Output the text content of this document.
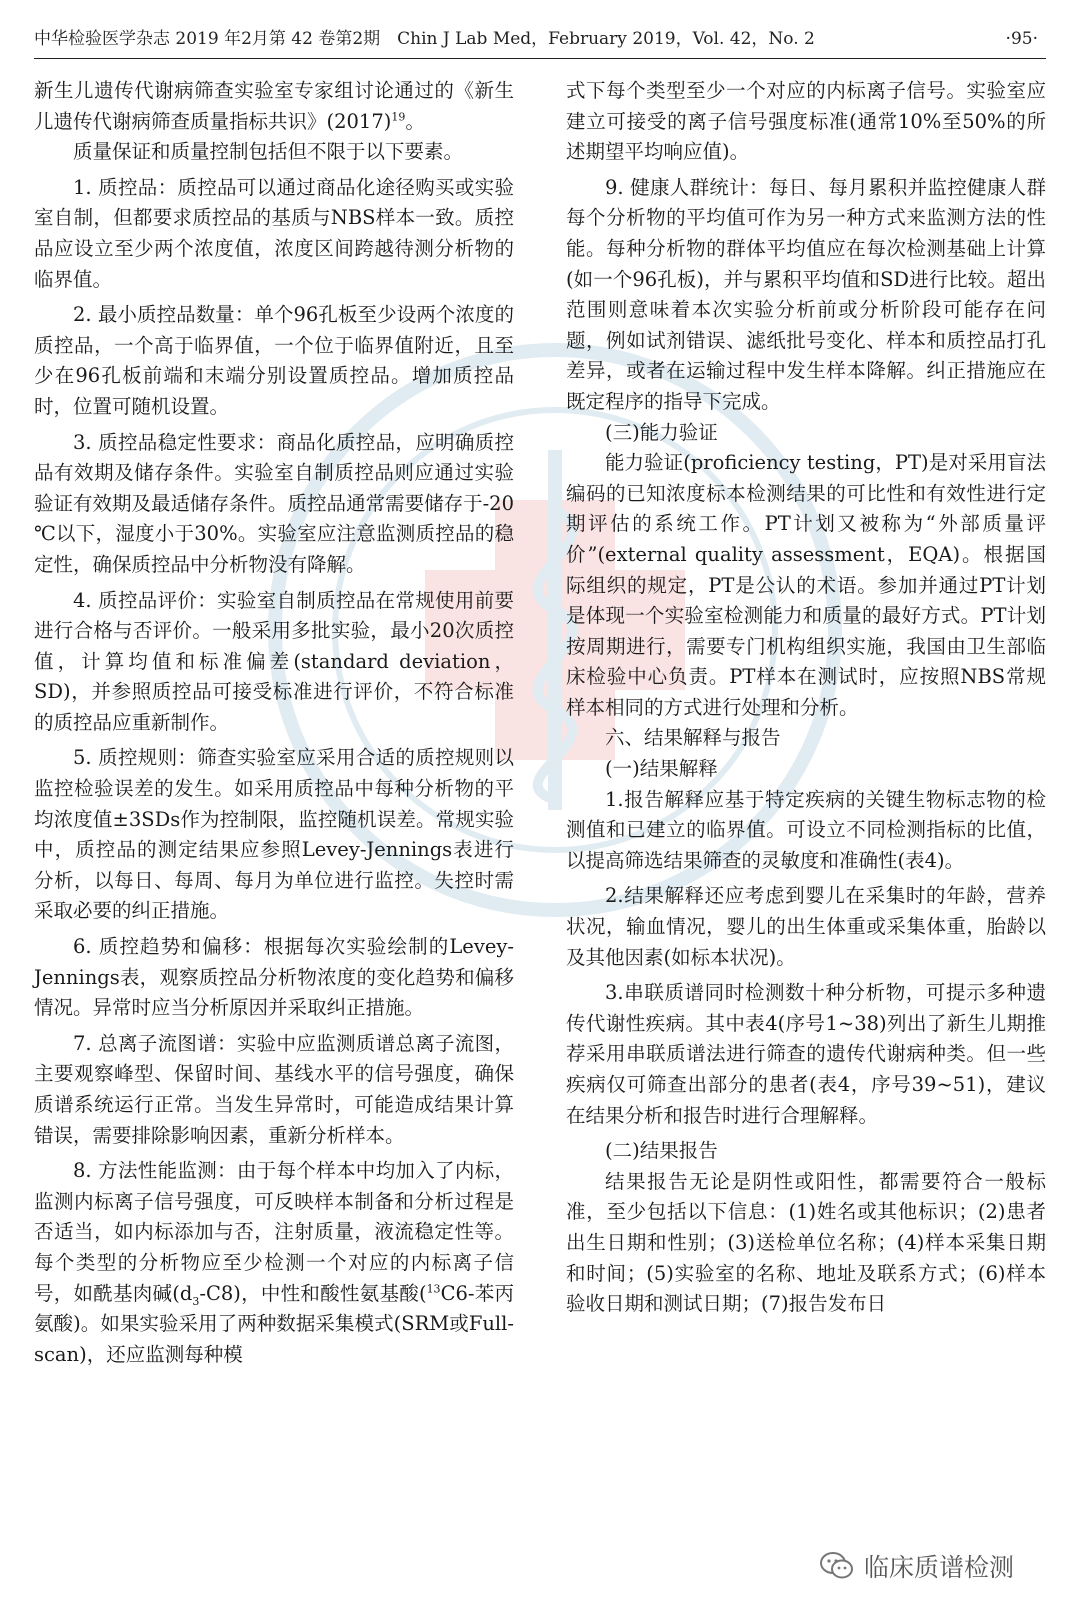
中华检验医学杂志 2019 年2月第 42 卷第2期　Chin J Lab Med，February 2019，Vol. 42，No. 2	·95·

新生儿遗传代谢病筛查实验室专家组讨论通过的《新生儿遗传代谢病筛查质量指标共识》$(2017)^{19}$。

质量保证和质量控制包括但不限于以下要素。

1. 质控品：质控品可以通过商品化途径购买或实验室自制，但都要求质控品的基质与NBS样本一致。质控品应设立至少两个浓度值，浓度区间跨越待测分析物的临界值。

2. 最小质控品数量：单个96孔板至少设两个浓度的质控品，一个高于临界值，一个位于临界值附近，且至少在96孔板前端和末端分别设置质控品。增加质控品时，位置可随机设置。

3. 质控品稳定性要求：商品化质控品，应明确质控品有效期及储存条件。实验室自制质控品则应通过实验验证有效期及最适储存条件。质控品通常需要储存于-20 ℃以下，湿度小于30%。实验室应注意监测质控品的稳定性，确保质控品中分析物没有降解。

4. 质控品评价：实验室自制质控品在常规使用前要进行合格与否评价。一般采用多批实验，最小20次质控值，计算均值和标准偏差(standard deviation，SD)，并参照质控品可接受标准进行评价，不符合标准的质控品应重新制作。

5. 质控规则：筛查实验室应采用合适的质控规则以监控检验误差的发生。如采用质控品中每种分析物的平均浓度值±3SDs作为控制限，监控随机误差。常规实验中，质控品的测定结果应参照Levey-Jennings表进行分析，以每日、每周、每月为单位进行监控。失控时需采取必要的纠正措施。

6. 质控趋势和偏移：根据每次实验绘制的Levey-Jennings表，观察质控品分析物浓度的变化趋势和偏移情况。异常时应当分析原因并采取纠正措施。

7. 总离子流图谱：实验中应监测质谱总离子流图，主要观察峰型、保留时间、基线水平的信号强度，确保质谱系统运行正常。当发生异常时，可能造成结果计算错误，需要排除影响因素，重新分析样本。

8. 方法性能监测：由于每个样本中均加入了内标，监测内标离子信号强度，可反映样本制备和分析过程是否适当，如内标添加与否，注射质量，液流稳定性等。每个类型的分析物应至少检测一个对应的内标离子信号，如酰基肉碱$(d_3-C8)$，中性和酸性氨基酸($^{13}$C6-苯丙氨酸)。如果实验采用了两种数据采集模式(SRM或Full-scan)，还应监测每种模

式下每个类型至少一个对应的内标离子信号。实验室应建立可接受的离子信号强度标准(通常10%至50%的所述期望平均响应值)。

9. 健康人群统计：每日、每月累积并监控健康人群每个分析物的平均值可作为另一种方式来监测方法的性能。每种分析物的群体平均值应在每次检测基础上计算(如一个96孔板)，并与累积平均值和SD进行比较。超出范围则意味着本次实验分析前或分析阶段可能存在问题，例如试剂错误、滤纸批号变化、样本和质控品打孔差异，或者在运输过程中发生样本降解。纠正措施应在既定程序的指导下完成。

(三)能力验证

能力验证(proficiency testing，PT)是对采用盲法编码的已知浓度标本检测结果的可比性和有效性进行定期评估的系统工作。PT计划又被称为“外部质量评价”(external quality assessment，EQA)。根据国际组织的规定，PT是公认的术语。参加并通过PT计划是体现一个实验室检测能力和质量的最好方式。PT计划按周期进行，需要专门机构组织实施，我国由卫生部临床检验中心负责。PT样本在测试时，应按照NBS常规样本相同的方式进行处理和分析。

六、结果解释与报告

(一)结果解释

1.报告解释应基于特定疾病的关键生物标志物的检测值和已建立的临界值。可设立不同检测指标的比值，以提高筛选结果筛查的灵敏度和准确性(表4)。

2.结果解释还应考虑到婴儿在采集时的年龄，营养状况，输血情况，婴儿的出生体重或采集体重，胎龄以及其他因素(如标本状况)。

3.串联质谱同时检测数十种分析物，可提示多种遗传代谢性疾病。其中表4(序号1~38)列出了新生儿期推荐采用串联质谱法进行筛查的遗传代谢病种类。但一些疾病仅可筛查出部分的患者(表4，序号39~51)，建议在结果分析和报告时进行合理解释。

(二)结果报告

结果报告无论是阴性或阳性，都需要符合一般标准，至少包括以下信息：(1)姓名或其他标识；(2)患者出生日期和性别；(3)送检单位名称；(4)样本采集日期和时间；(5)实验室的名称、地址及联系方式；(6)样本验收日期和测试日期；(7)报告发布日

临床质谱检测
